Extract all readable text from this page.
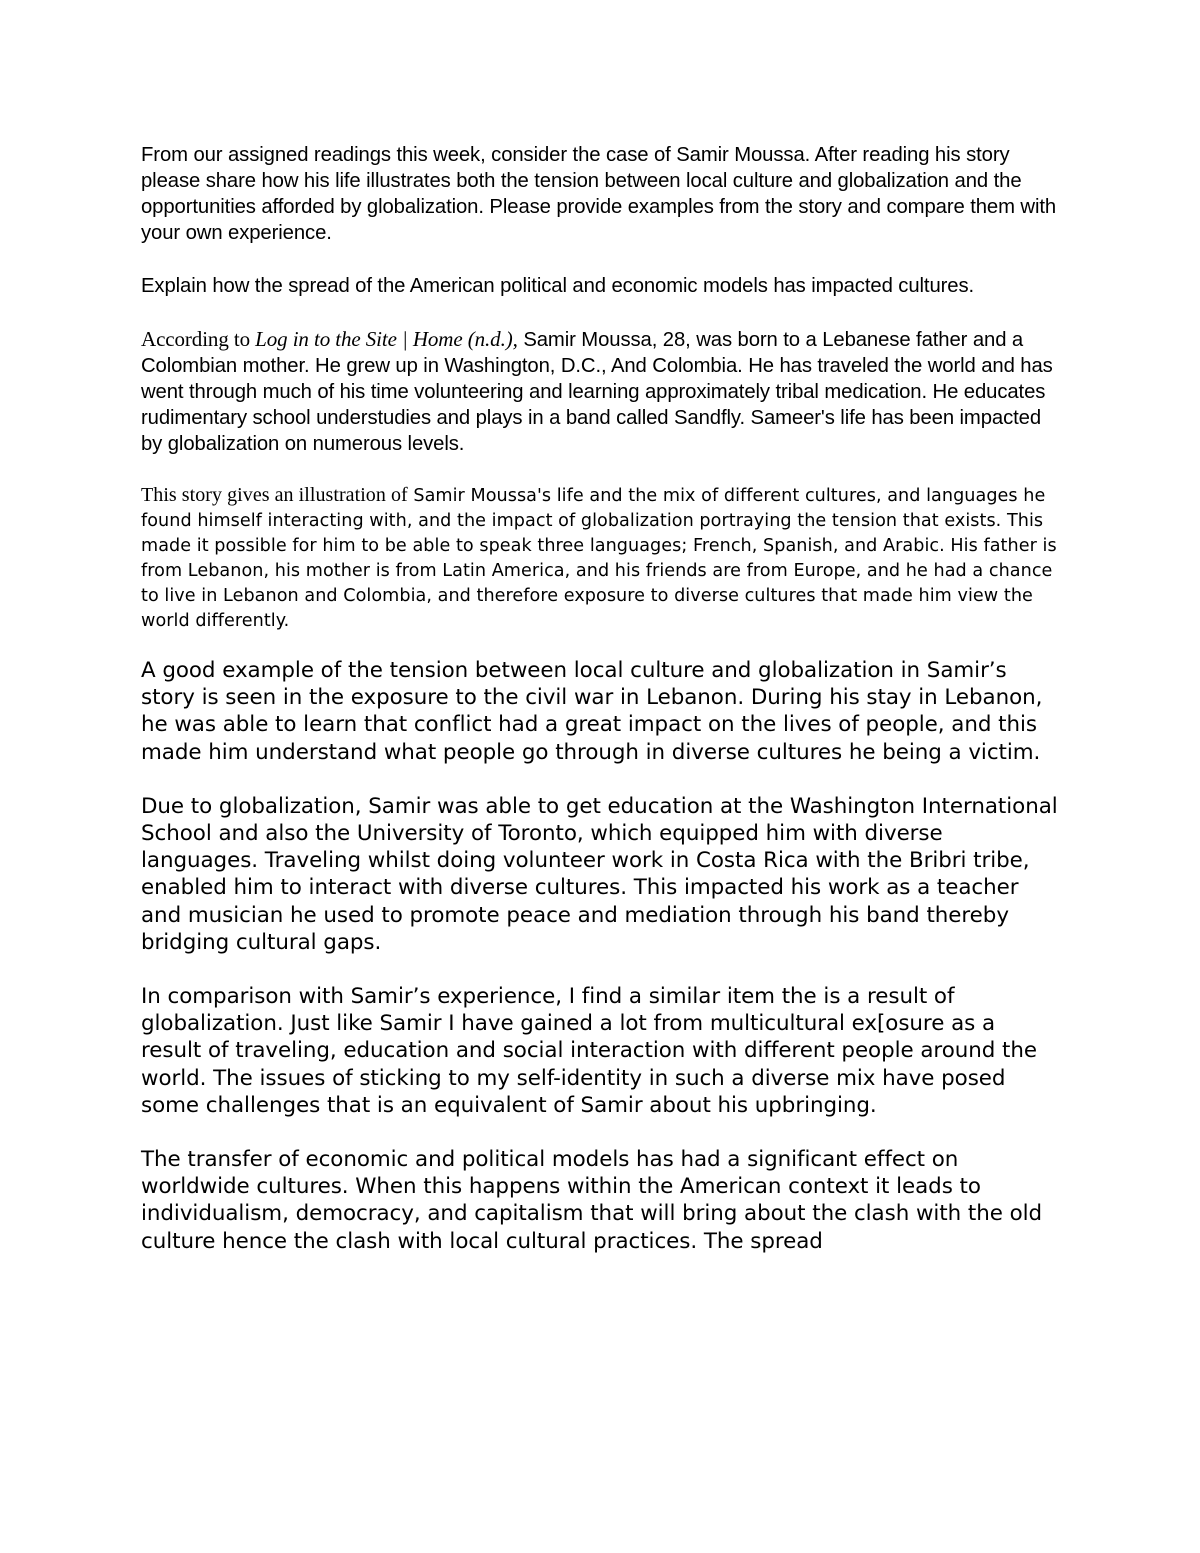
From our assigned readings this week, consider the case of Samir Moussa. After reading his story please share how his life illustrates both the tension between local culture and globalization and the opportunities afforded by globalization. Please provide examples from the story and compare them with your own experience.

Explain how the spread of the American political and economic models has impacted cultures.

According to Log in to the Site | Home (n.d.), Samir Moussa, 28, was born to a Lebanese father and a Colombian mother. He grew up in Washington, D.C., And Colombia. He has traveled the world and has went through much of his time volunteering and learning approximately tribal medication. He educates rudimentary school understudies and plays in a band called Sandfly. Sameer's life has been impacted by globalization on numerous levels.

This story gives an illustration of Samir Moussa's life and the mix of different cultures, and languages he found himself interacting with, and the impact of globalization portraying the tension that exists. This made it possible for him to be able to speak three languages; French, Spanish, and Arabic. His father is from Lebanon, his mother is from Latin America, and his friends are from Europe, and he had a chance to live in Lebanon and Colombia, and therefore exposure to diverse cultures that made him view the world differently.

A good example of the tension between local culture and globalization in Samir’s story is seen in the exposure to the civil war in Lebanon. During his stay in Lebanon, he was able to learn that conflict had a great impact on the lives of people, and this made him understand what people go through in diverse cultures he being a victim.

Due to globalization, Samir was able to get education at the Washington International School and also the University of Toronto, which equipped him with diverse languages. Traveling whilst doing volunteer work in Costa Rica with the Bribri tribe, enabled him to interact with diverse cultures. This impacted his work as a teacher and musician he used to promote peace and mediation through his band thereby bridging cultural gaps.

In comparison with Samir’s experience, I find a similar item the is a result of globalization. Just like Samir I have gained a lot from multicultural ex[osure as a result of traveling, education and social interaction with different people around the world. The issues of sticking to my self-identity in such a diverse mix have posed some challenges that is an equivalent of Samir about his upbringing.

The transfer of economic and political models has had a significant effect on worldwide cultures. When this happens within the American context it leads to individualism, democracy, and capitalism that will bring about the clash with the old culture hence the clash with local cultural practices. The spread
